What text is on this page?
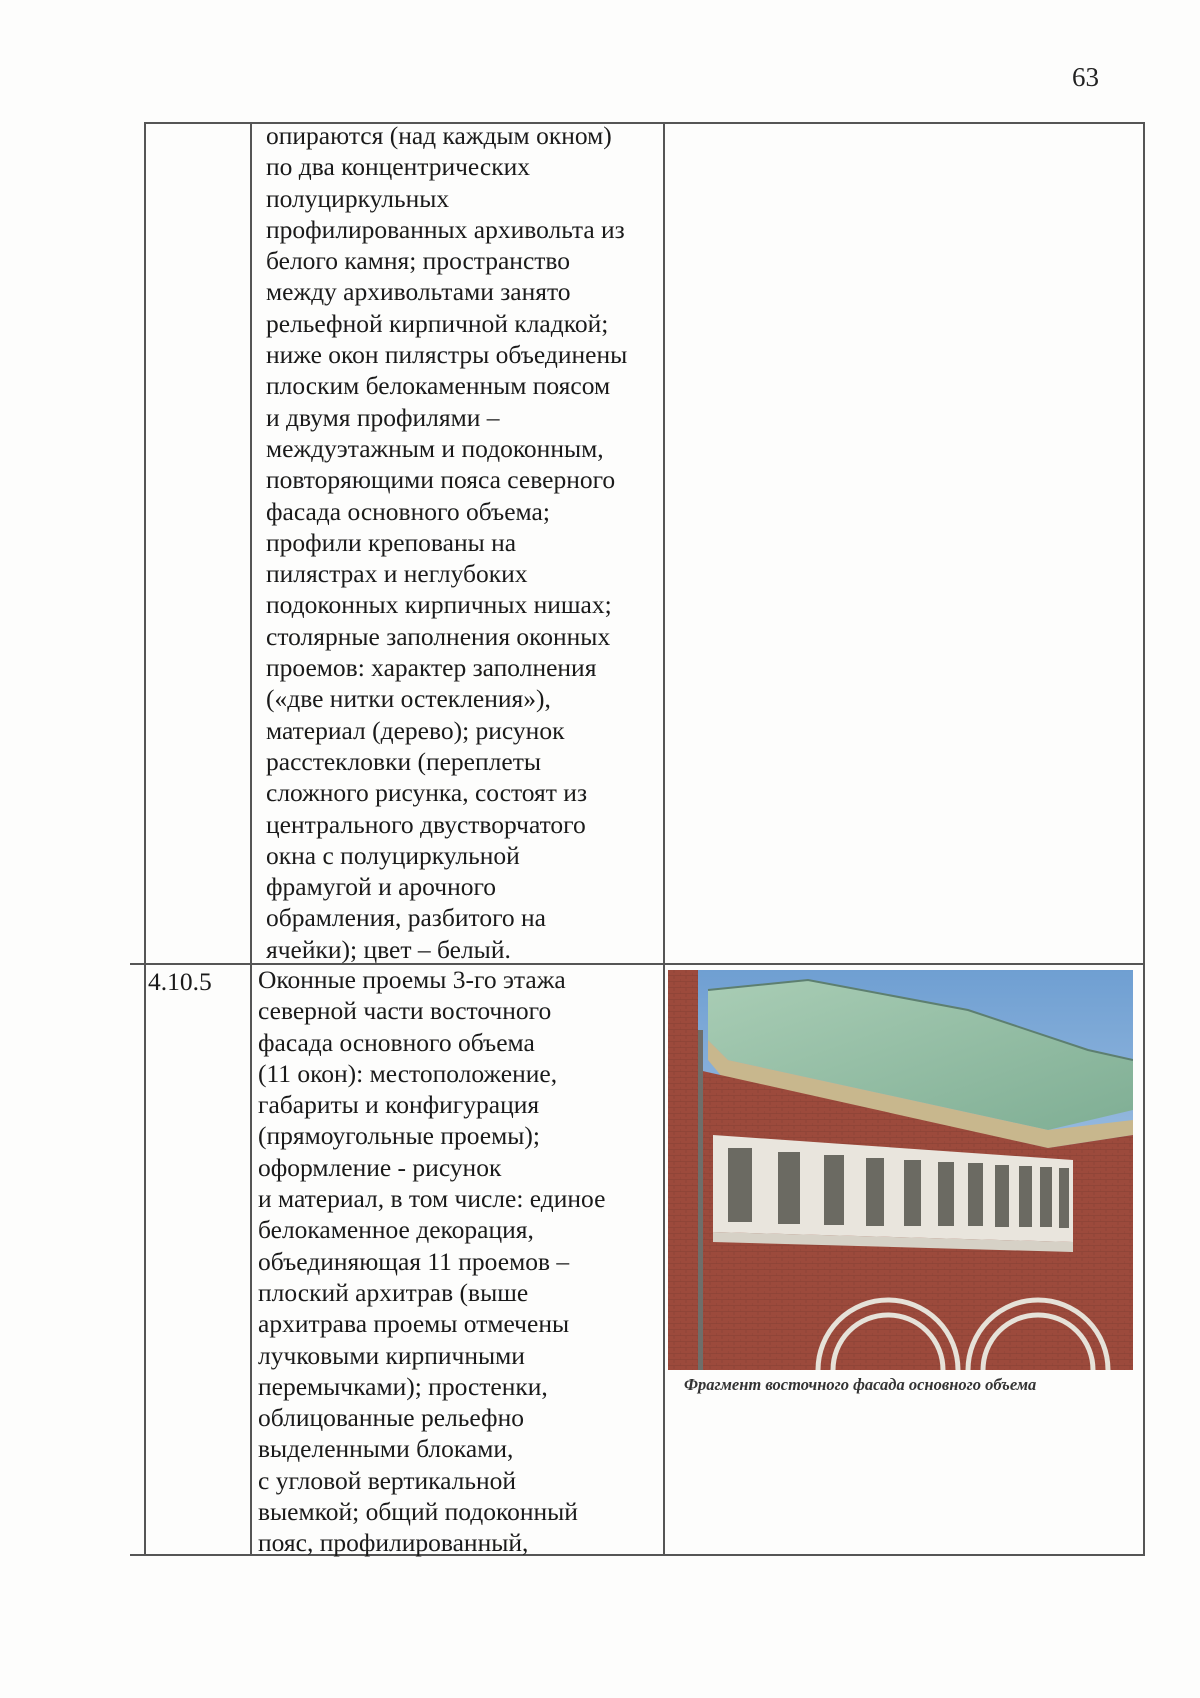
63
опираются (над каждым окном)
по два концентрических
полуциркульных
профилированных архивольта из
белого камня; пространство
между архивольтами занято
рельефной кирпичной кладкой;
ниже окон пилястры объединены
плоским белокаменным поясом
и двумя профилями –
междуэтажным и подоконным,
повторяющими пояса северного
фасада основного объема;
профили крепованы на
пилястрах и неглубоких
подоконных кирпичных нишах;
столярные заполнения оконных
проемов: характер заполнения
(«две нитки остекления»),
материал (дерево); рисунок
расстекловки (переплеты
сложного рисунка, состоят из
центрального двустворчатого
окна с полуциркульной
фрамугой и арочного
обрамления, разбитого на
ячейки); цвет – белый.
4.10.5 Оконные проемы 3-го этажа
северной части восточного
фасада основного объема
(11 окон): местоположение,
габариты и конфигурация
(прямоугольные проемы);
оформление - рисунок
и материал, в том числе: единое
белокаменное декорация,
объединяющая 11 проемов –
плоский архитрав (выше
архитрава проемы отмечены
лучковыми кирпичными
перемычками); простенки,
облицованные рельефно
выделенными блоками,
с угловой вертикальной
выемкой; общий подоконный
пояс, профилированный,
Фрагмент восточного фасада основного объема
